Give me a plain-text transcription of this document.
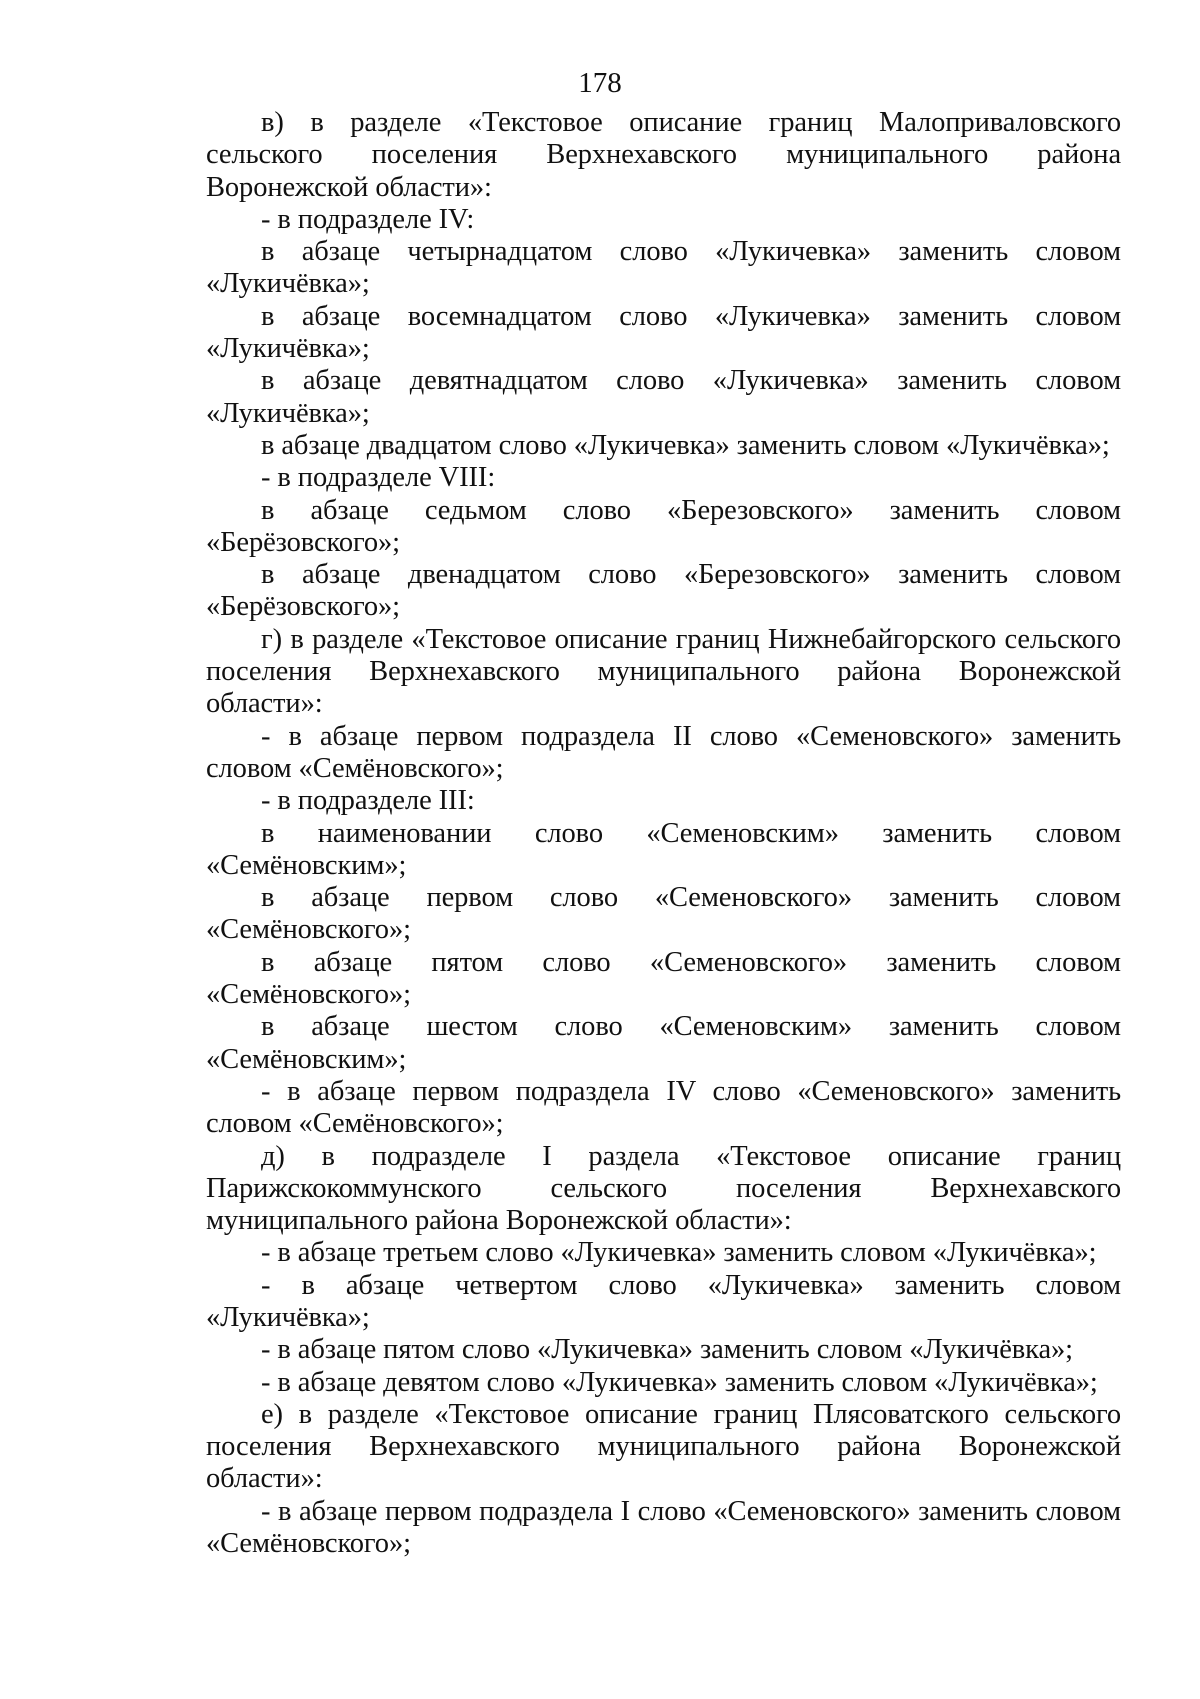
178

в) в разделе «Текстовое описание границ Малоприваловского сельского поселения Верхнехавского муниципального района Воронежской области»:

- в подразделе IV:

в абзаце четырнадцатом слово «Лукичевка» заменить словом «Лукичёвка»;

в абзаце восемнадцатом слово «Лукичевка» заменить словом «Лукичёвка»;

в абзаце девятнадцатом слово «Лукичевка» заменить словом «Лукичёвка»;

в абзаце двадцатом слово «Лукичевка» заменить словом «Лукичёвка»;

- в подразделе VIII:

в абзаце седьмом слово «Березовского» заменить словом «Берёзовского»;

в абзаце двенадцатом слово «Березовского» заменить словом «Берёзовского»;

г) в разделе «Текстовое описание границ Нижнебайгорского сельского поселения Верхнехавского муниципального района Воронежской области»:

- в абзаце первом подраздела II слово «Семеновского» заменить словом «Семёновского»;

- в подразделе III:

в наименовании слово «Семеновским» заменить словом «Семёновским»;

в абзаце первом слово «Семеновского» заменить словом «Семёновского»;

в абзаце пятом слово «Семеновского» заменить словом «Семёновского»;

в абзаце шестом слово «Семеновским» заменить словом «Семёновским»;

- в абзаце первом подраздела IV слово «Семеновского» заменить словом «Семёновского»;

д) в подразделе I раздела «Текстовое описание границ Парижскокоммунского сельского поселения Верхнехавского муниципального района Воронежской области»:

- в абзаце третьем слово «Лукичевка» заменить словом «Лукичёвка»;

- в абзаце четвертом слово «Лукичевка» заменить словом «Лукичёвка»;

- в абзаце пятом слово «Лукичевка» заменить словом «Лукичёвка»;

- в абзаце девятом слово «Лукичевка» заменить словом «Лукичёвка»;

е) в разделе «Текстовое описание границ Плясоватского сельского поселения Верхнехавского муниципального района Воронежской области»:

- в абзаце первом подраздела I слово «Семеновского» заменить словом «Семёновского»;
